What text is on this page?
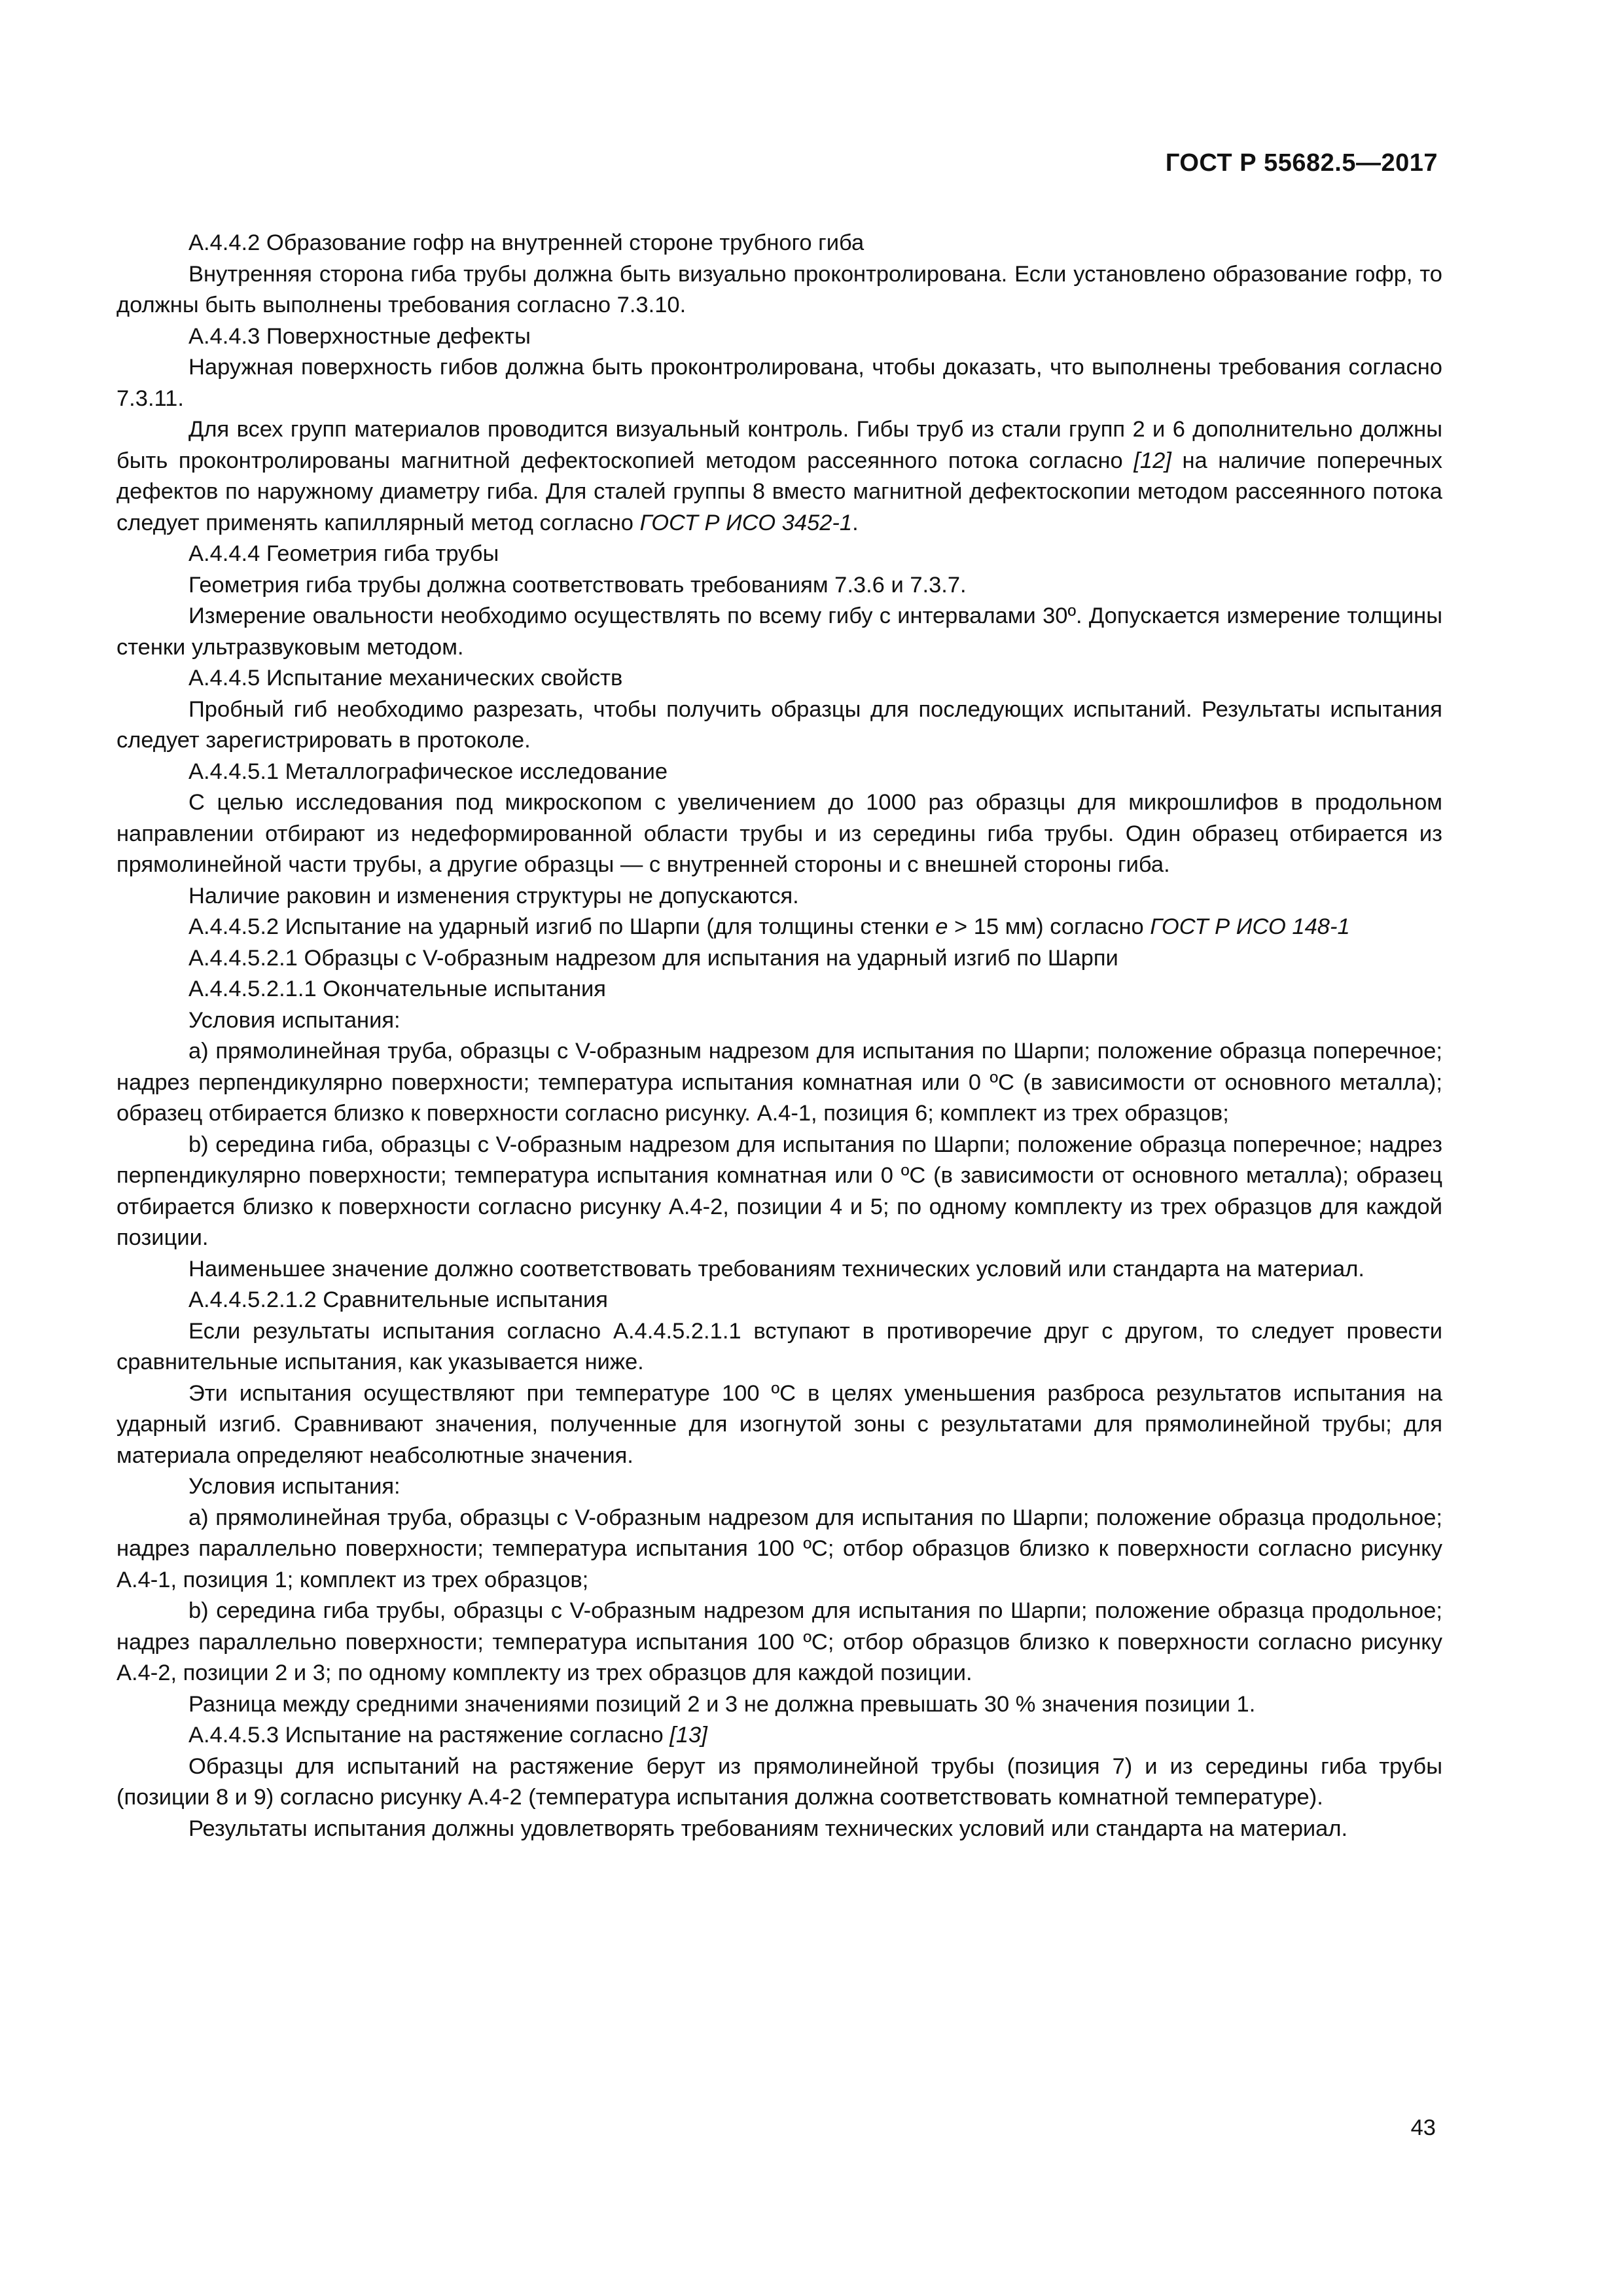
ГОСТ Р 55682.5—2017

А.4.4.2 Образование гофр на внутренней стороне трубного гиба

Внутренняя сторона гиба трубы должна быть визуально проконтролирована. Если установлено образование гофр, то должны быть выполнены требования согласно 7.3.10.

А.4.4.3 Поверхностные дефекты

Наружная поверхность гибов должна быть проконтролирована, чтобы доказать, что выполнены требования согласно 7.3.11.

Для всех групп материалов проводится визуальный контроль. Гибы труб из стали групп 2 и 6 дополнительно должны быть проконтролированы магнитной дефектоскопией методом рассеянного потока согласно [12] на наличие поперечных дефектов по наружному диаметру гиба. Для сталей группы 8 вместо магнитной дефектоскопии методом рассеянного потока следует применять капиллярный метод согласно ГОСТ Р ИСО 3452-1.

А.4.4.4 Геометрия гиба трубы

Геометрия гиба трубы должна соответствовать требованиям 7.3.6 и 7.3.7.

Измерение овальности необходимо осуществлять по всему гибу с интервалами 30º. Допускается измерение толщины стенки ультразвуковым методом.

А.4.4.5 Испытание механических свойств

Пробный гиб необходимо разрезать, чтобы получить образцы для последующих испытаний. Результаты испытания следует зарегистрировать в протоколе.

А.4.4.5.1 Металлографическое исследование

С целью исследования под микроскопом с увеличением до 1000 раз образцы для микрошлифов в продольном направлении отбирают из недеформированной области трубы и из середины гиба трубы. Один образец отбирается из прямолинейной части трубы, а другие образцы — с внутренней стороны и с внешней стороны гиба.

Наличие раковин и изменения структуры не допускаются.

А.4.4.5.2 Испытание на ударный изгиб по Шарпи (для толщины стенки е > 15 мм) согласно ГОСТ Р ИСО 148-1

А.4.4.5.2.1 Образцы с V-образным надрезом для испытания на ударный изгиб по Шарпи

А.4.4.5.2.1.1 Окончательные испытания

Условия испытания:

a) прямолинейная труба, образцы с V-образным надрезом для испытания по Шарпи; положение образца поперечное; надрез перпендикулярно поверхности; температура испытания комнатная или 0 ºС (в зависимости от основного металла); образец отбирается близко к поверхности согласно рисунку. А.4-1, позиция 6; комплект из трех образцов;

b) середина гиба, образцы с V-образным надрезом для испытания по Шарпи; положение образца поперечное; надрез перпендикулярно поверхности; температура испытания комнатная или 0 ºС (в зависимости от основного металла); образец отбирается близко к поверхности согласно рисунку А.4-2, позиции 4 и 5; по одному комплекту из трех образцов для каждой позиции.

Наименьшее значение должно соответствовать требованиям технических условий или стандарта на материал.

А.4.4.5.2.1.2 Сравнительные испытания

Если результаты испытания согласно А.4.4.5.2.1.1 вступают в противоречие друг с другом, то следует провести сравнительные испытания, как указывается ниже.

Эти испытания осуществляют при температуре 100 ºС в целях уменьшения разброса результатов испытания на ударный изгиб. Сравнивают значения, полученные для изогнутой зоны с результатами для прямолинейной трубы; для материала определяют неабсолютные значения.

Условия испытания:

a) прямолинейная труба, образцы с V-образным надрезом для испытания по Шарпи; положение образца продольное; надрез параллельно поверхности; температура испытания 100 ºС; отбор образцов близко к поверхности согласно рисунку А.4-1, позиция 1; комплект из трех образцов;

b) середина гиба трубы, образцы с V-образным надрезом для испытания по Шарпи; положение образца продольное; надрез параллельно поверхности; температура испытания 100 ºС; отбор образцов близко к поверхности согласно рисунку А.4-2, позиции 2 и 3; по одному комплекту из трех образцов для каждой позиции.

Разница между средними значениями позиций 2 и 3 не должна превышать 30 % значения позиции 1.

А.4.4.5.3 Испытание на растяжение согласно [13]

Образцы для испытаний на растяжение берут из прямолинейной трубы (позиция 7) и из середины гиба трубы (позиции 8 и 9) согласно рисунку А.4-2 (температура испытания должна соответствовать комнатной температуре).

Результаты испытания должны удовлетворять требованиям технических условий или стандарта на материал.

43
